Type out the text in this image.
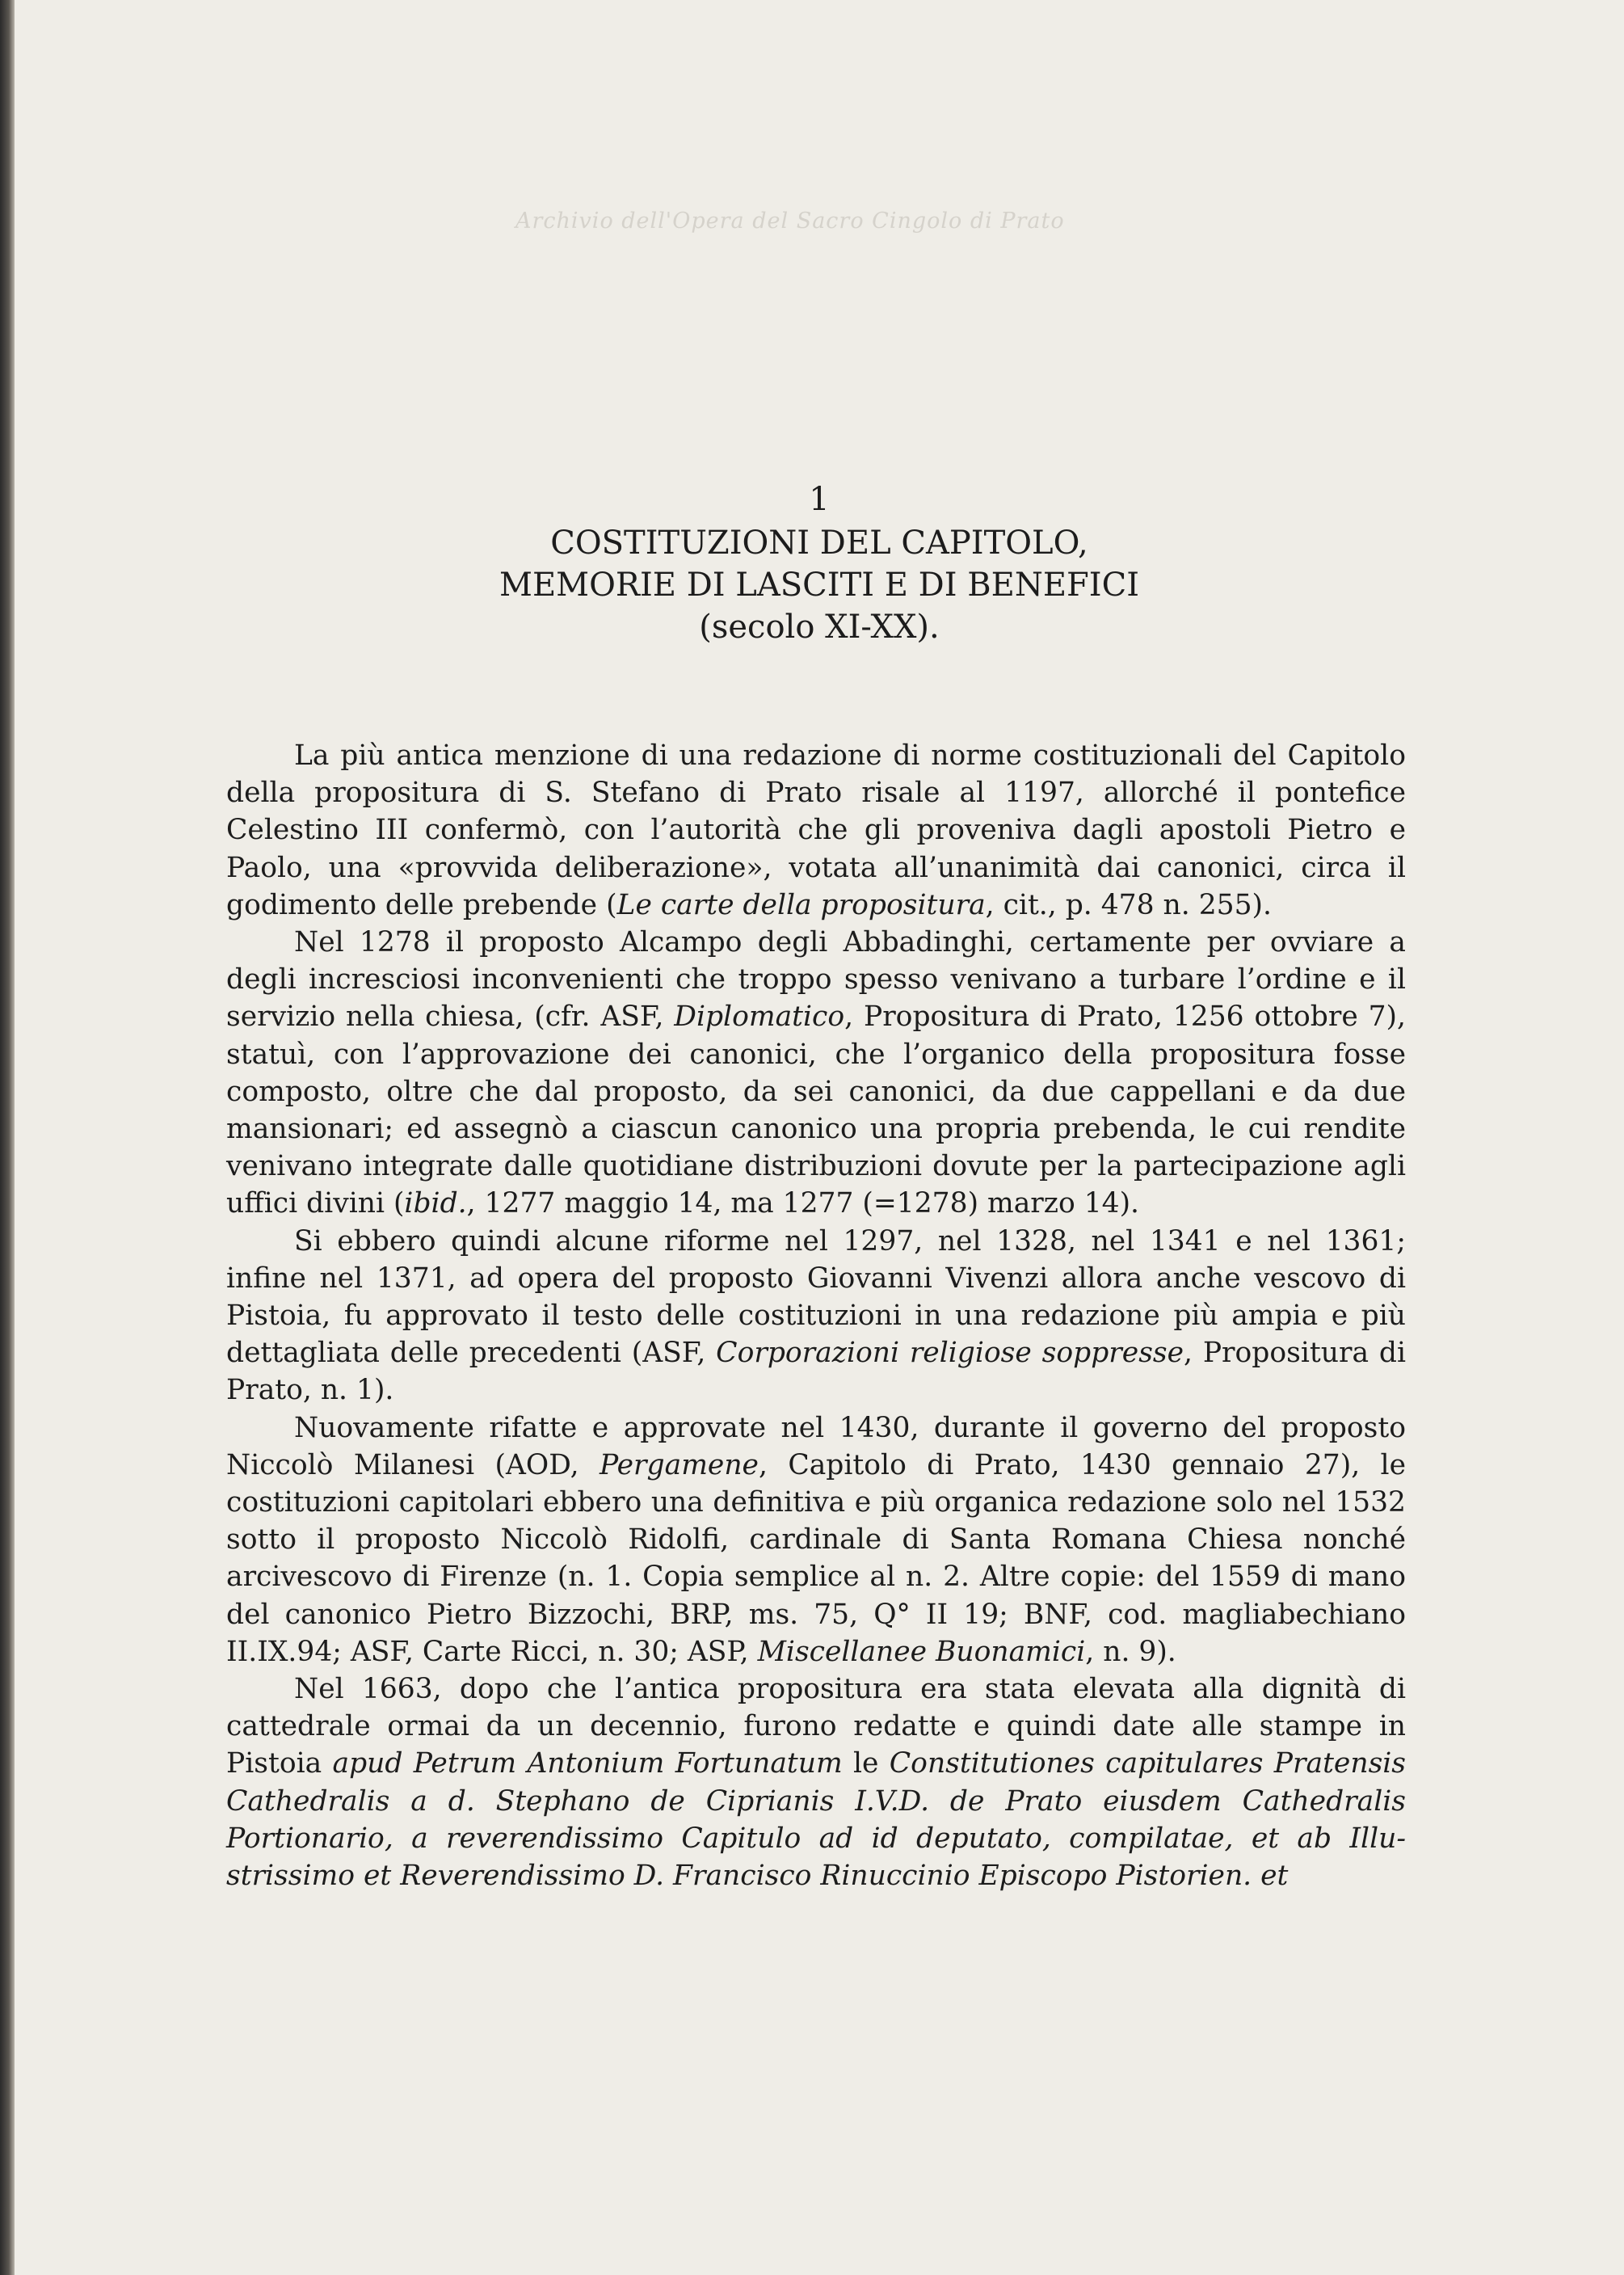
Archivio dell'Opera del Sacro Cingolo di Prato
1
COSTITUZIONI DEL CAPITOLO,
MEMORIE DI LASCITI E DI BENEFICI
(secolo XI-XX).

La più antica menzione di una redazione di norme costituzionali del Capitolo della propositura di S. Stefano di Prato risale al 1197, allorché il pontefice Celestino III confermò, con l’autorità che gli proveniva dagli apostoli Pietro e Paolo, una «provvida deliberazione», votata all’unanimità dai canonici, circa il godimento delle prebende (Le carte della propositura, cit., p. 478 n. 255).

Nel 1278 il proposto Alcampo degli Abbadinghi, certamente per ovviare a degli incresciosi inconvenienti che troppo spesso venivano a turbare l’ordine e il servizio nella chiesa, (cfr. ASF, Diplomatico, Propositura di Prato, 1256 ottobre 7), statuì, con l’approvazione dei canonici, che l’organico della propositura fosse composto, oltre che dal proposto, da sei canonici, da due cappellani e da due mansionari; ed assegnò a ciascun canonico una propria prebenda, le cui rendite venivano integrate dalle quotidiane distribuzioni dovute per la partecipazione agli uffici divini (ibid., 1277 maggio 14, ma 1277 (=1278) marzo 14).

Si ebbero quindi alcune riforme nel 1297, nel 1328, nel 1341 e nel 1361; infine nel 1371, ad opera del proposto Giovanni Vivenzi allora anche vescovo di Pistoia, fu approvato il testo delle costituzioni in una redazione più ampia e più dettagliata delle precedenti (ASF, Corporazioni religiose soppresse, Propositura di Prato, n. 1).

Nuovamente rifatte e approvate nel 1430, durante il governo del proposto Niccolò Milanesi (AOD, Pergamene, Capitolo di Prato, 1430 gennaio 27), le costituzioni capitolari ebbero una definitiva e più organica redazione solo nel 1532 sotto il proposto Niccolò Ridolfi, cardinale di Santa Romana Chiesa nonché arcivescovo di Firenze (n. 1. Copia semplice al n. 2. Altre copie: del 1559 di mano del canonico Pietro Bizzochi, BRP, ms. 75, Q° II 19; BNF, cod. magliabechiano II.IX.94; ASF, Carte Ricci, n. 30; ASP, Miscellanee Buonamici, n. 9).

Nel 1663, dopo che l’antica propositura era stata elevata alla dignità di cattedrale ormai da un decennio, furono redatte e quindi date alle stampe in Pistoia apud Petrum Antonium Fortunatum le Constitutiones capitulares Pratensis Cathedralis a d. Stephano de Ciprianis I.V.D. de Prato eiusdem Cathedralis Portionario, a reverendissimo Capitulo ad id deputato, compilatae, et ab Illustrissimo et Reverendissimo D. Francisco Rinuccinio Episcopo Pistorien. et
